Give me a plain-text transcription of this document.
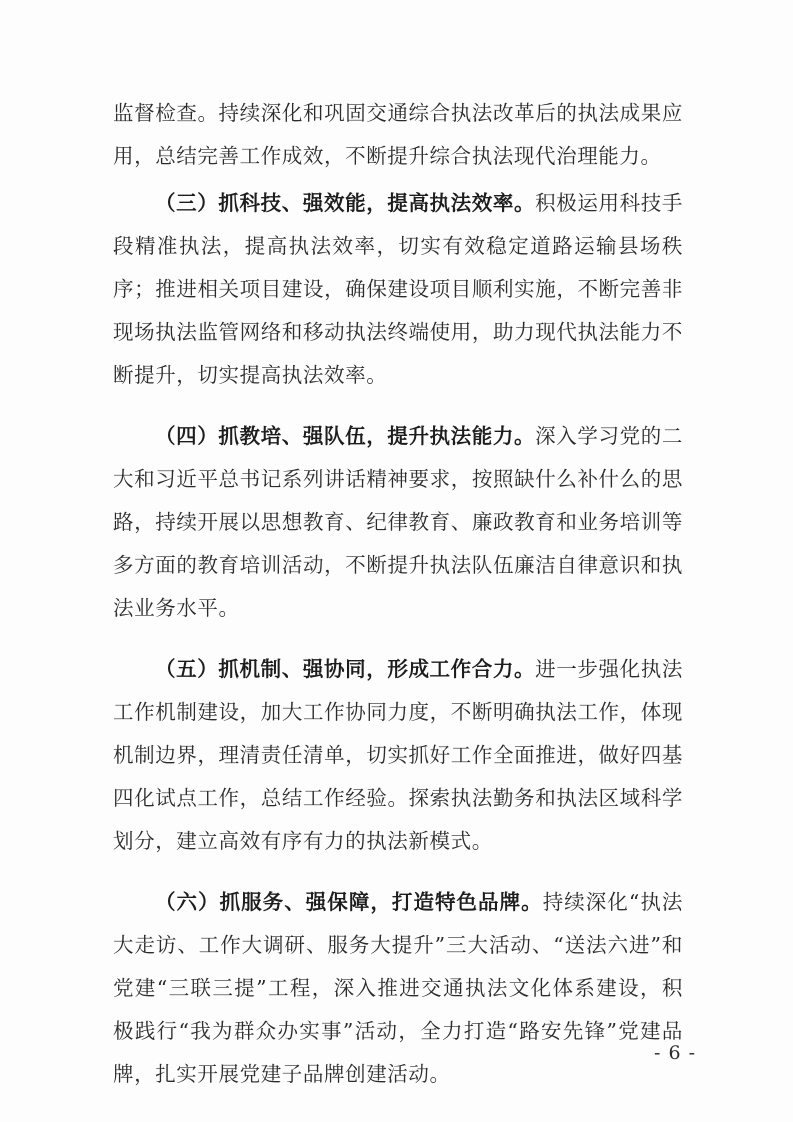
监督检查。持续深化和巩固交通综合执法改革后的执法成果应用，总结完善工作成效，不断提升综合执法现代治理能力。

（三）抓科技、强效能，提高执法效率。积极运用科技手段精准执法，提高执法效率，切实有效稳定道路运输县场秩序；推进相关项目建设，确保建设项目顺利实施，不断完善非现场执法监管网络和移动执法终端使用，助力现代执法能力不断提升，切实提高执法效率。

（四）抓教培、强队伍，提升执法能力。深入学习党的二大和习近平总书记系列讲话精神要求，按照缺什么补什么的思路，持续开展以思想教育、纪律教育、廉政教育和业务培训等多方面的教育培训活动，不断提升执法队伍廉洁自律意识和执法业务水平。

（五）抓机制、强协同，形成工作合力。进一步强化执法工作机制建设，加大工作协同力度，不断明确执法工作，体现机制边界，理清责任清单，切实抓好工作全面推进，做好四基四化试点工作，总结工作经验。探索执法勤务和执法区域科学划分，建立高效有序有力的执法新模式。

（六）抓服务、强保障，打造特色品牌。持续深化“执法大走访、工作大调研、服务大提升”三大活动、“送法六进”和党建“三联三提”工程，深入推进交通执法文化体系建设，积极践行“我为群众办实事”活动，全力打造“路安先锋”党建品牌，扎实开展党建子品牌创建活动。

- 6 -
